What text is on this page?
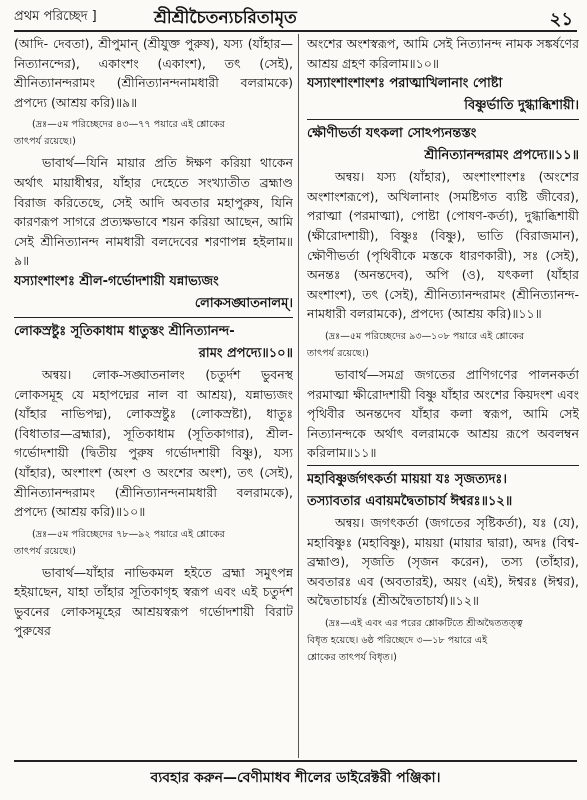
প্রথম পরিচ্ছেদ ]	শ্রীশ্রীচৈতন্যচরিতামৃত	২১

(আদি- দেবতা), শ্রীপুমান্ (শ্রীযুক্ত পুরুষ), যস্য (যাঁহার—নিত্যানন্দের), একাংশং (একাংশ), তৎ (সেই), শ্রীনিত্যানন্দরামং (শ্রীনিত্যানন্দনামধারী বলরামকে) প্রপদ্যে (আশ্রয় করি)॥৯॥

(দ্রঃ—৫ম পরিচ্ছেদের ৪৩—৭৭ পয়ারে এই শ্লোকের

তাৎপর্য রয়েছে।)

ভাবার্থ—যিনি মায়ার প্রতি ঈক্ষণ করিয়া থাকেন অর্থাৎ মায়াধীশ্বর, যাঁহার দেহেতে সংখ্যাতীত ব্রহ্মাণ্ড বিরাজ করিতেছে, সেই আদি অবতার মহাপুরুষ, যিনি কারণরূপ সাগরে প্রত্যক্ষভাবে শয়ন করিয়া আছেন, আমি সেই শ্রীনিত্যানন্দ নামধারী বলদেবের শরণাপন্ন হইলাম॥৯॥

যস্যাংশাংশঃ শ্রীল-গর্ভোদশায়ী যন্নাভ্যজং

লোকসঙ্ঘাতনালম্।

লোকস্রষ্টুঃ সূতিকাধাম ধাতুস্তং শ্রীনিত্যানন্দ-

রামং প্রপদ্যে॥১০॥

অন্বয়। লোক-সঙ্ঘাতনালং (চতুর্দশ ভুবনস্থ লোকসমূহ যে মহাপদ্মের নাল বা আশ্রয়), যন্নাভ্যজং (যাঁহার নাভিপদ্ম), লোকস্রষ্টুঃ (লোকস্রষ্টা), ধাতুঃ (বিধাতার—ব্রহ্মার), সূতিকাধাম (সূতিকাগার), শ্রীল-গর্ভোদশায়ী (দ্বিতীয় পুরুষ গর্ভোদশায়ী বিষ্ণু), যস্য (যাঁহার), অংশাংশ (অংশ ও অংশের অংশ), তৎ (সেই), শ্রীনিত্যানন্দরামং (শ্রীনিত্যানন্দনামধারী বলরামকে), প্রপদ্যে (আশ্রয় করি)॥১০॥

(দ্রঃ—৫ম পরিচ্ছেদের ৭৮—৯২ পয়ারে এই শ্লোকের

তাৎপর্য রয়েছে।)

ভাবার্থ—যাঁহার নাভিকমল হইতে ব্রহ্মা সমুৎপন্ন হইয়াছেন, যাহা তাঁহার সূতিকাগৃহ স্বরূপ এবং এই চতুর্দশ ভুবনের লোকসমূহের আশ্রয়স্বরূপ গর্ভোদশায়ী বিরাট পুরুষের

অংশের অংশস্বরূপ, আমি সেই নিত্যানন্দ নামক সঙ্কর্ষণের আশ্রয় গ্রহণ করিলাম॥১০॥

যস্যাংশাংশাংশঃ পরাত্মাখিলানাং পোষ্টা

বিষ্ণুর্ভাতি দুগ্ধাব্ধিশায়ী।

ক্ষৌণীভর্তা যৎকলা সোঽপ্যনন্তস্তং

শ্রীনিত্যানন্দরামং প্রপদ্যে॥১১॥

অন্বয়। যস্য (যাঁহার), অংশাংশাংশঃ (অংশের অংশাংশরূপে), অখিলানাং (সমষ্টিগত ব্যষ্টি জীবের), পরাত্মা (পরমাত্মা), পোষ্টা (পোষণ-কর্তা), দুগ্ধাব্ধিশায়ী (ক্ষীরোদশায়ী), বিষ্ণুঃ (বিষ্ণু), ভাতি (বিরাজমান), ক্ষৌণীভর্তা (পৃথিবীকে মস্তকে ধারণকারী), সঃ (সেই), অনন্তঃ (অনন্তদেব), অপি (ও), যৎকলা (যাঁহার অংশাংশ), তৎ (সেই), শ্রীনিত্যানন্দরামং (শ্রীনিত্যানন্দ-নামধারী বলরামকে), প্রপদ্যে (আশ্রয় করি)॥১১॥

(দ্রঃ—৫ম পরিচ্ছেদের ৯৩—১০৮ পয়ারে এই শ্লোকের

তাৎপর্য রয়েছে।)

ভাবার্থ—সমগ্র জগতের প্রাণিগণের পালনকর্তা পরমাত্মা ক্ষীরোদশায়ী বিষ্ণু যাঁহার অংশের কিয়দংশ এবং পৃথিবীর অনন্তদেব যাঁহার কলা স্বরূপ, আমি সেই নিত্যানন্দকে অর্থাৎ বলরামকে আশ্রয় রূপে অবলম্বন করিলাম॥১১॥

মহাবিষ্ণুর্জগৎকর্তা মায়য়া যঃ সৃজত্যদঃ।

তস্যাবতার এবায়মদ্বৈতাচার্য ঈশ্বরঃ॥১২॥

অন্বয়। জগৎকর্তা (জগতের সৃষ্টিকর্তা), যঃ (যে), মহাবিষ্ণুঃ (মহাবিষ্ণু), মায়য়া (মায়ার দ্বারা), অদঃ (বিশ্ব-ব্রহ্মাণ্ড), সৃজতি (সৃজন করেন), তস্য (তাঁহার), অবতারঃ এব (অবতারই), অয়ং (এই), ঈশ্বরঃ (ঈশ্বর), অদ্বৈতাচার্যঃ (শ্রীঅদ্বৈতাচার্য)॥১২॥

(দ্রঃ—এই এবং এর পরের শ্লোকটিতে শ্রীঅদ্বৈততত্ত্ব

বিধৃত হয়েছে। ৬ষ্ঠ পরিচ্ছেদে ৩—১৮ পয়ারে এই

শ্লোকের তাৎপর্য বিধৃত।)

ব্যবহার করুন—বেণীমাধব শীলের ডাইরেক্টরী পঞ্জিকা।
